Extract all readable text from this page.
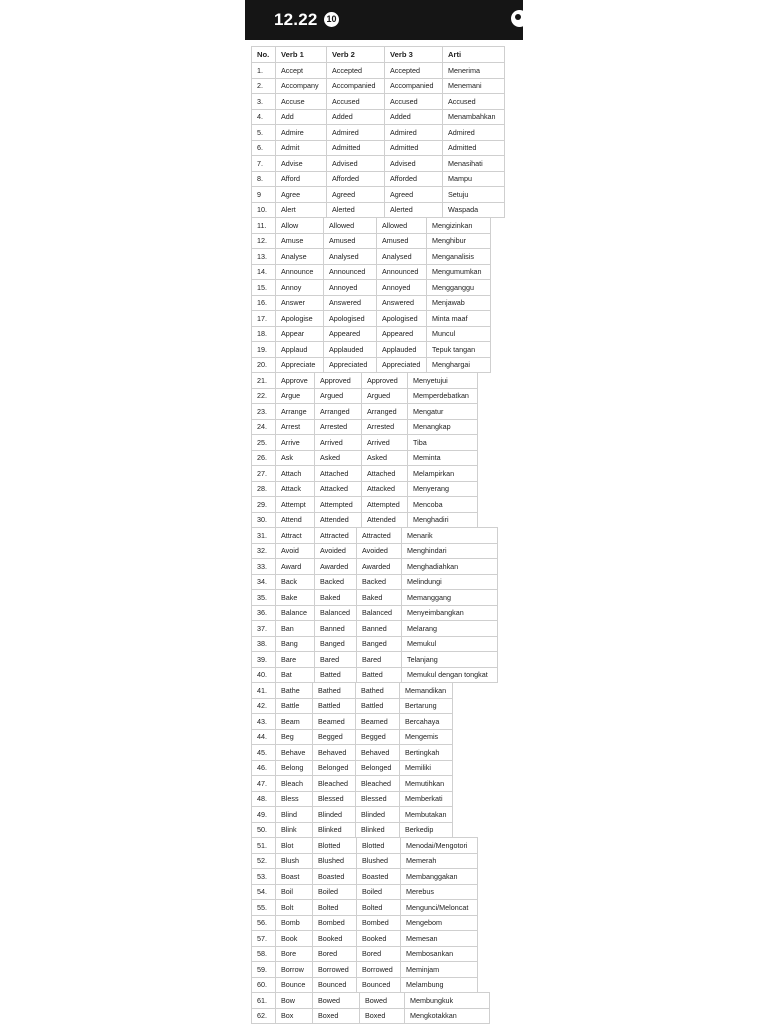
12.22 10
No.	Verb 1	Verb 2	Verb 3	Arti
1.	Accept	Accepted	Accepted	Menerima
2.	Accompany	Accompanied	Accompanied	Menemani
3.	Accuse	Accused	Accused	Accused
4.	Add	Added	Added	Menambahkan
5.	Admire	Admired	Admired	Admired
6.	Admit	Admitted	Admitted	Admitted
7.	Advise	Advised	Advised	Menasihati
8.	Afford	Afforded	Afforded	Mampu
9	Agree	Agreed	Agreed	Setuju
10.	Alert	Alerted	Alerted	Waspada
11.	Allow	Allowed	Allowed	Mengizinkan
12.	Amuse	Amused	Amused	Menghibur
13.	Analyse	Analysed	Analysed	Menganalisis
14.	Announce	Announced	Announced	Mengumumkan
15.	Annoy	Annoyed	Annoyed	Mengganggu
16.	Answer	Answered	Answered	Menjawab
17.	Apologise	Apologised	Apologised	Minta maaf
18.	Appear	Appeared	Appeared	Muncul
19.	Applaud	Applauded	Applauded	Tepuk tangan
20.	Appreciate	Appreciated	Appreciated	Menghargai
21.	Approve	Approved	Approved	Menyetujui
22.	Argue	Argued	Argued	Memperdebatkan
23.	Arrange	Arranged	Arranged	Mengatur
24.	Arrest	Arrested	Arrested	Menangkap
25.	Arrive	Arrived	Arrived	Tiba
26.	Ask	Asked	Asked	Meminta
27.	Attach	Attached	Attached	Melampirkan
28.	Attack	Attacked	Attacked	Menyerang
29.	Attempt	Attempted	Attempted	Mencoba
30.	Attend	Attended	Attended	Menghadiri
31.	Attract	Attracted	Attracted	Menarik
32.	Avoid	Avoided	Avoided	Menghindari
33.	Award	Awarded	Awarded	Menghadiahkan
34.	Back	Backed	Backed	Melindungi
35.	Bake	Baked	Baked	Memanggang
36.	Balance	Balanced	Balanced	Menyeimbangkan
37.	Ban	Banned	Banned	Melarang
38.	Bang	Banged	Banged	Memukul
39.	Bare	Bared	Bared	Telanjang
40.	Bat	Batted	Batted	Memukul dengan tongkat
41.	Bathe	Bathed	Bathed	Memandikan
42.	Battle	Battled	Battled	Bertarung
43.	Beam	Beamed	Beamed	Bercahaya
44.	Beg	Begged	Begged	Mengemis
45.	Behave	Behaved	Behaved	Bertingkah
46.	Belong	Belonged	Belonged	Memiliki
47.	Bleach	Bleached	Bleached	Memutihkan
48.	Bless	Blessed	Blessed	Memberkati
49.	Blind	Blinded	Blinded	Membutakan
50.	Blink	Blinked	Blinked	Berkedip
51.	Blot	Blotted	Blotted	Menodai/Mengotori
52.	Blush	Blushed	Blushed	Memerah
53.	Boast	Boasted	Boasted	Membanggakan
54.	Boil	Boiled	Boiled	Merebus
55.	Bolt	Bolted	Bolted	Mengunci/Meloncat
56.	Bomb	Bombed	Bombed	Mengebom
57.	Book	Booked	Booked	Memesan
58.	Bore	Bored	Bored	Membosankan
59.	Borrow	Borrowed	Borrowed	Meminjam
60.	Bounce	Bounced	Bounced	Melambung
61.	Bow	Bowed	Bowed	Membungkuk
62.	Box	Boxed	Boxed	Mengkotakkan
